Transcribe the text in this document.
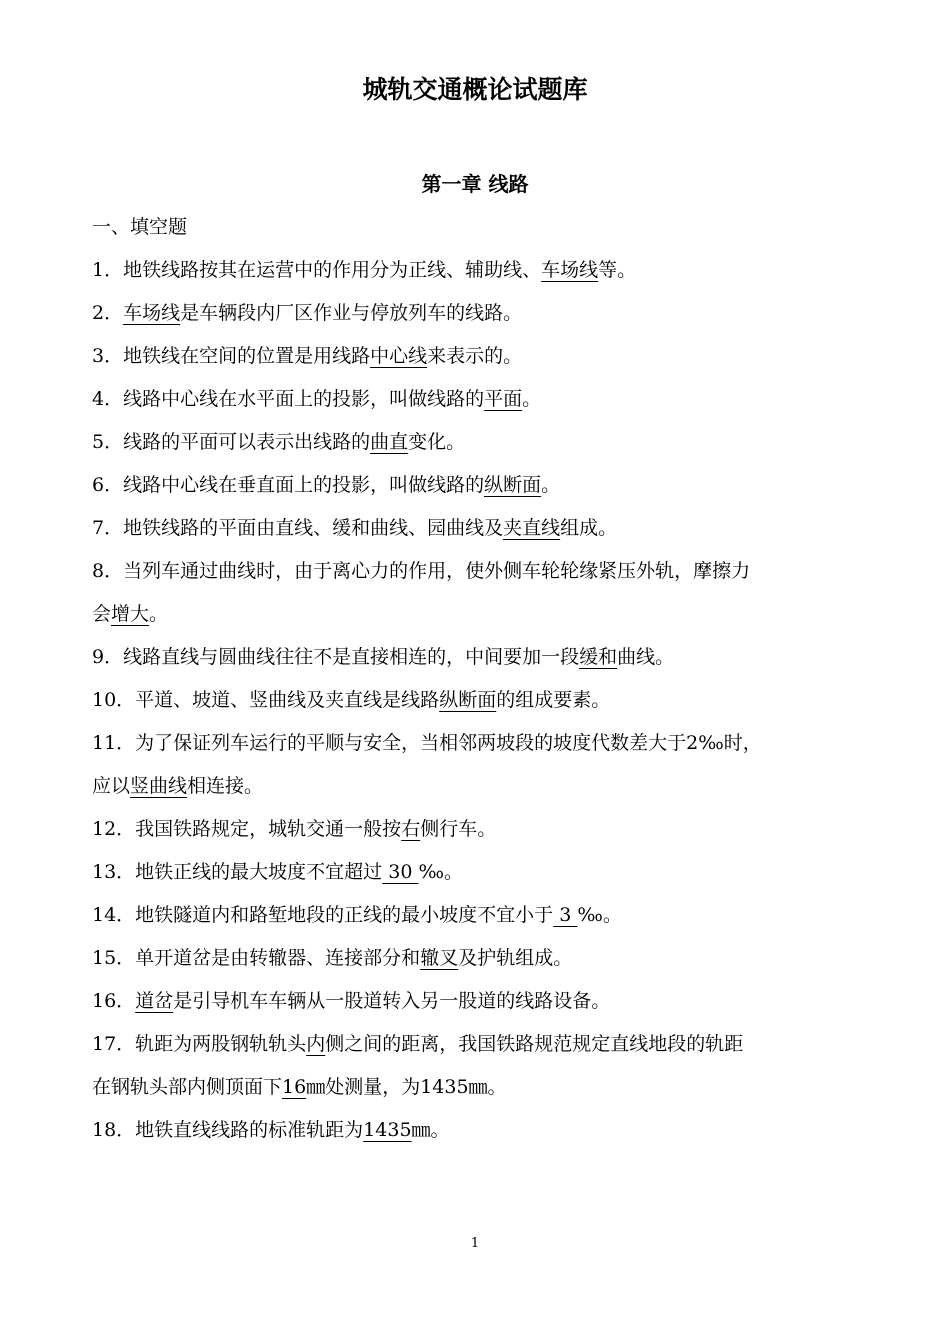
城轨交通概论试题库
第一章 线路
一、填空题
1．地铁线路按其在运营中的作用分为正线、辅助线、车场线等。
2．车场线是车辆段内厂区作业与停放列车的线路。
3．地铁线在空间的位置是用线路中心线来表示的。
4．线路中心线在水平面上的投影，叫做线路的平面。
5．线路的平面可以表示出线路的曲直变化。
6．线路中心线在垂直面上的投影，叫做线路的纵断面。
7．地铁线路的平面由直线、缓和曲线、园曲线及夹直线组成。
8．当列车通过曲线时，由于离心力的作用，使外侧车轮轮缘紧压外轨，摩擦力
会增大。
9．线路直线与圆曲线往往不是直接相连的，中间要加一段缓和曲线。
10．平道、坡道、竖曲线及夹直线是线路纵断面的组成要素。
11．为了保证列车运行的平顺与安全，当相邻两坡段的坡度代数差大于2‰时，
应以竖曲线相连接。
12．我国铁路规定，城轨交通一般按右侧行车。
13．地铁正线的最大坡度不宜超过 30 ‰。
14．地铁隧道内和路堑地段的正线的最小坡度不宜小于 3 ‰。
15．单开道岔是由转辙器、连接部分和辙叉及护轨组成。
16．道岔是引导机车车辆从一股道转入另一股道的线路设备。
17．轨距为两股钢轨轨头内侧之间的距离，我国铁路规范规定直线地段的轨距
在钢轨头部内侧顶面下16㎜处测量，为1435㎜。
18．地铁直线线路的标准轨距为1435㎜。
1
